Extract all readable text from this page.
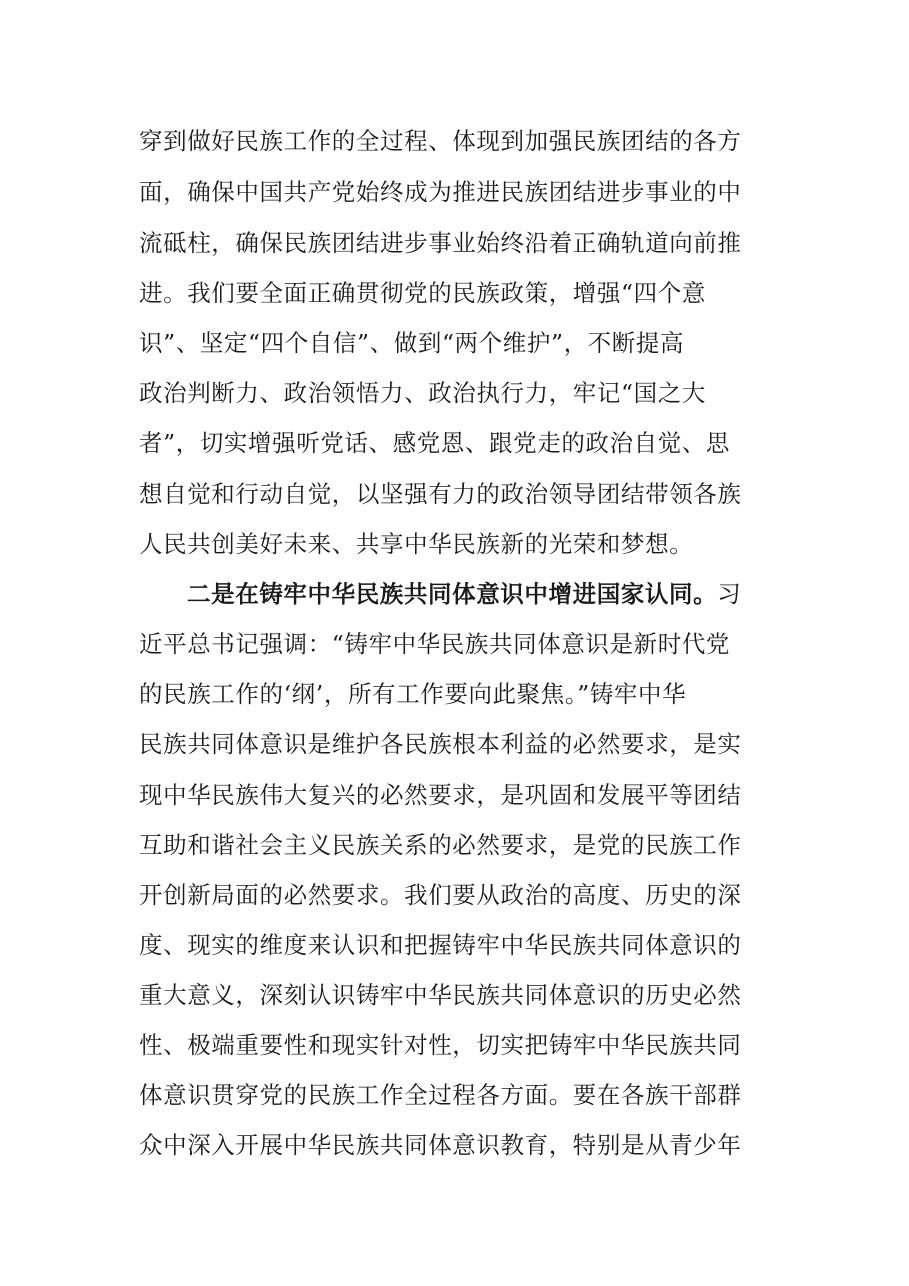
穿到做好民族工作的全过程、体现到加强民族团结的各方
面，确保中国共产党始终成为推进民族团结进步事业的中
流砥柱，确保民族团结进步事业始终沿着正确轨道向前推
进。我们要全面正确贯彻党的民族政策，增强“四个意
识”、坚定“四个自信”、做到“两个维护”，不断提高
政治判断力、政治领悟力、政治执行力，牢记“国之大
者”，切实增强听党话、感党恩、跟党走的政治自觉、思
想自觉和行动自觉，以坚强有力的政治领导团结带领各族
人民共创美好未来、共享中华民族新的光荣和梦想。
二是在铸牢中华民族共同体意识中增进国家认同。习
近平总书记强调：“铸牢中华民族共同体意识是新时代党
的民族工作的‘纲’，所有工作要向此聚焦。”铸牢中华
民族共同体意识是维护各民族根本利益的必然要求，是实
现中华民族伟大复兴的必然要求，是巩固和发展平等团结
互助和谐社会主义民族关系的必然要求，是党的民族工作
开创新局面的必然要求。我们要从政治的高度、历史的深
度、现实的维度来认识和把握铸牢中华民族共同体意识的
重大意义，深刻认识铸牢中华民族共同体意识的历史必然
性、极端重要性和现实针对性，切实把铸牢中华民族共同
体意识贯穿党的民族工作全过程各方面。要在各族干部群
众中深入开展中华民族共同体意识教育，特别是从青少年
